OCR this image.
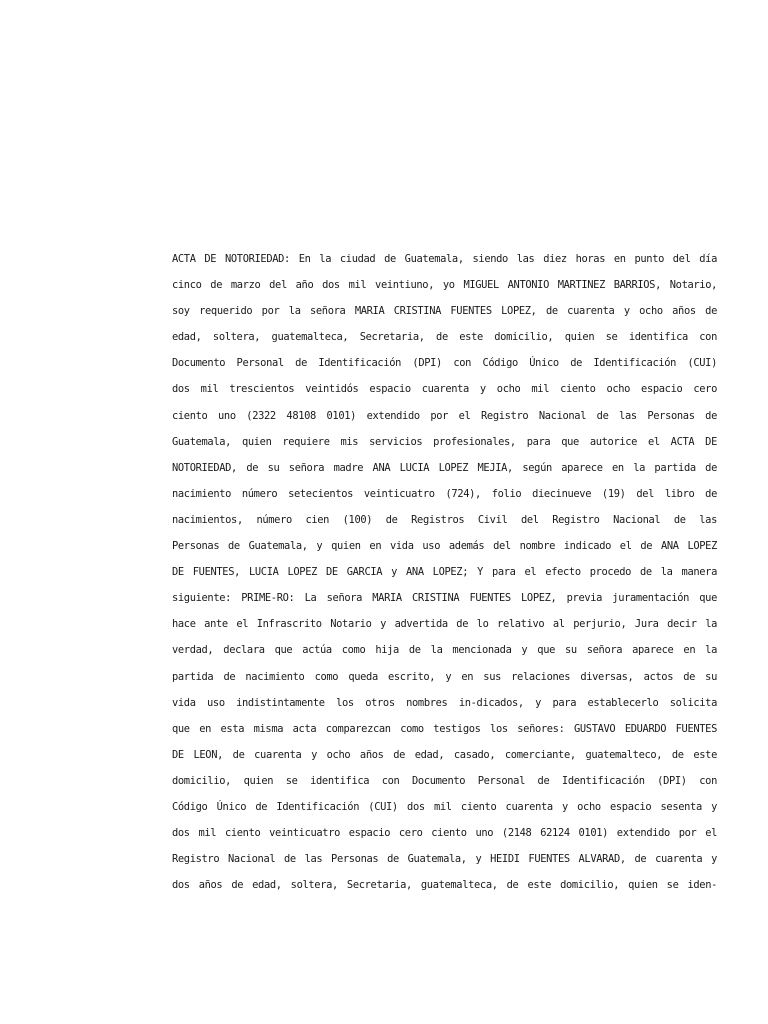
ACTA DE NOTORIEDAD: En la ciudad de Guatemala, siendo las diez horas en punto del día
cinco de marzo del año dos mil veintiuno, yo MIGUEL ANTONIO MARTINEZ BARRIOS, Notario,
soy requerido por la señora MARIA CRISTINA FUENTES LOPEZ, de cuarenta y ocho años de
edad, soltera, guatemalteca, Secretaria, de este domicilio, quien se identifica con
Documento Personal de Identificación (DPI) con Código Único de Identificación (CUI)
dos mil trescientos veintidós espacio cuarenta y ocho mil ciento ocho espacio cero
ciento uno (2322 48108 0101) extendido por el Registro Nacional de las Personas de
Guatemala, quien requiere mis servicios profesionales, para que autorice el ACTA DE
NOTORIEDAD, de su señora madre ANA LUCIA LOPEZ MEJIA, según aparece en la partida de
nacimiento número setecientos veinticuatro (724), folio diecinueve (19) del libro de
nacimientos, número cien (100) de Registros Civil del Registro Nacional de las
Personas de Guatemala, y quien en vida uso además del nombre indicado el de ANA LOPEZ
DE FUENTES, LUCIA LOPEZ DE GARCIA y ANA LOPEZ; Y para el efecto procedo de la manera
siguiente: PRIME-RO: La señora MARIA CRISTINA FUENTES LOPEZ, previa juramentación que
hace ante el Infrascrito Notario y advertida de lo relativo al perjurio, Jura decir la
verdad, declara que actúa como hija de la mencionada y que su señora aparece en la
partida de nacimiento como queda escrito, y en sus relaciones diversas, actos de su
vida uso indistintamente los otros nombres in-dicados, y para establecerlo solicita
que en esta misma acta comparezcan como testigos los señores: GUSTAVO EDUARDO FUENTES
DE LEON, de cuarenta y ocho años de edad, casado, comerciante, guatemalteco, de este
domicilio, quien se identifica con Documento Personal de Identificación (DPI) con
Código Único de Identificación (CUI) dos mil ciento cuarenta y ocho espacio sesenta y
dos mil ciento veinticuatro espacio cero ciento uno (2148 62124 0101) extendido por el
Registro Nacional de las Personas de Guatemala, y HEIDI FUENTES ALVARAD, de cuarenta y
dos años de edad, soltera, Secretaria, guatemalteca, de este domicilio, quien se iden-
